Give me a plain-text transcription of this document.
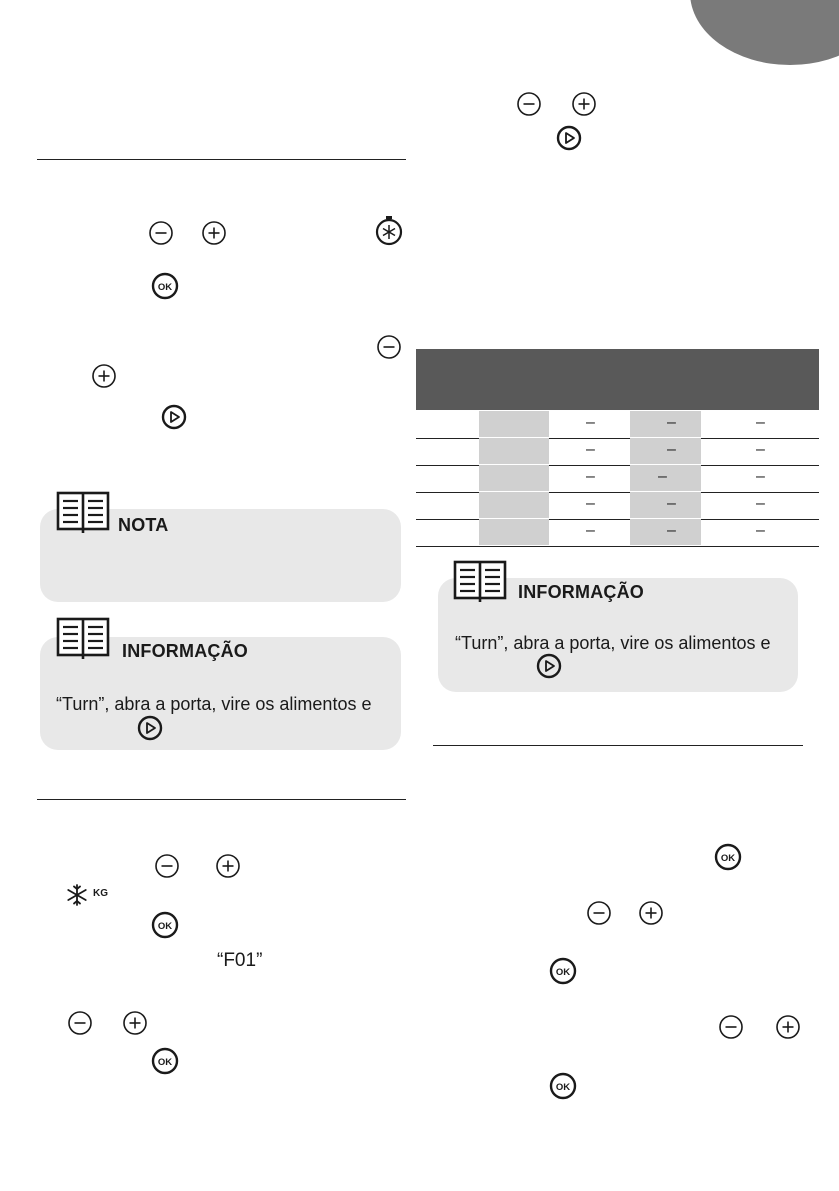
OK
NOTA
INFORMAÇÃO
“Turn”, abra a porta, vire os alimentos e
KG
OK
“F01”
OK
–	–	–
–	–	–
–	–	–
–	–	–
–	–	–
INFORMAÇÃO
“Turn”, abra a porta, vire os alimentos e
OK
OK
OK
